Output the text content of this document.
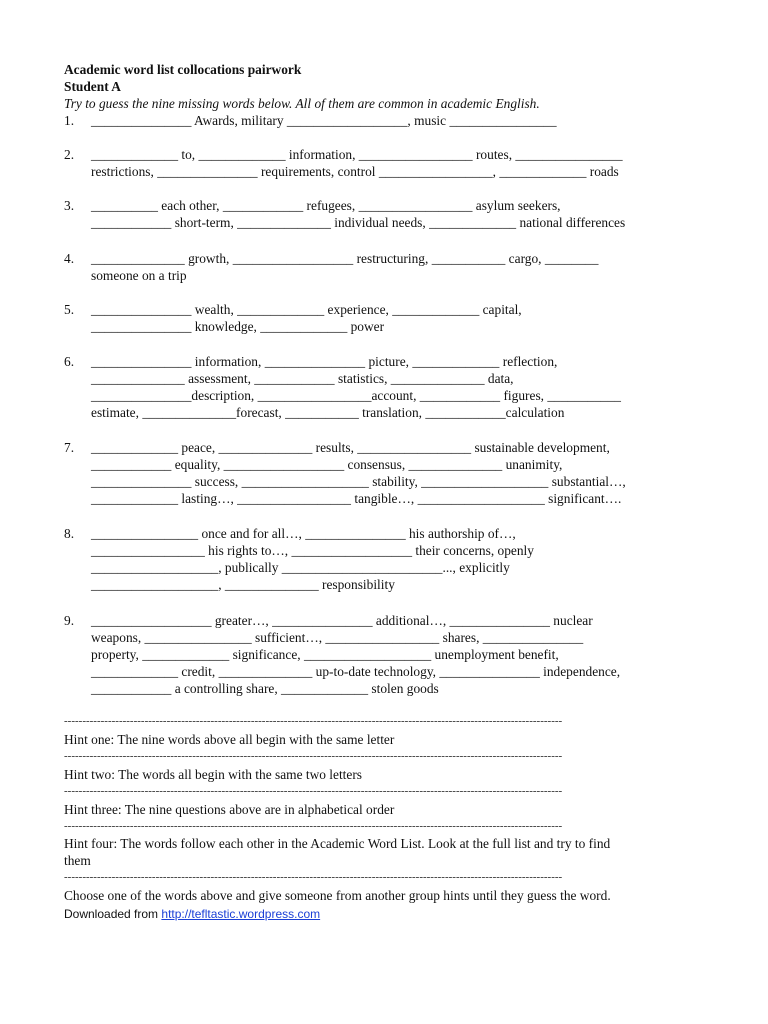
Academic word list collocations pairwork
Student A
Try to guess the nine missing words below. All of them are common in academic English.
1. _______________ Awards, military __________________, music ________________
2. _____________ to, _____________ information, _________________ routes, ________________
restrictions, _______________ requirements, control _________________, _____________ roads
3. __________ each other, ____________ refugees, _________________ asylum seekers,
____________ short-term, ______________ individual needs, _____________ national differences
4. ______________ growth, __________________ restructuring, ___________ cargo, ________
someone on a trip
5. _______________ wealth, _____________ experience, _____________ capital,
_______________ knowledge, _____________ power
6. _______________ information, _______________ picture, _____________ reflection,
______________ assessment, ____________ statistics, ______________ data,
_______________description, _________________account, ____________ figures, ___________
estimate, ______________forecast, ___________ translation, ____________calculation
7. _____________ peace, ______________ results, _________________ sustainable development,
____________ equality, __________________ consensus, ______________ unanimity,
_______________ success, ___________________ stability, ___________________ substantial…,
_____________ lasting…, _________________ tangible…, ___________________ significant….
8. ________________ once and for all…, _______________ his authorship of…,
_________________ his rights to…, __________________ their concerns, openly
___________________, publically ________________________..., explicitly
___________________, ______________ responsibility
9. __________________ greater…, _______________ additional…, _______________ nuclear
weapons, ________________ sufficient…, _________________ shares, _______________
property, _____________ significance, ___________________ unemployment benefit,
_____________ credit, ______________ up-to-date technology, _______________ independence,
____________ a controlling share, _____________ stolen goods
----------------------------------------------------------------------------------------------------------------------------------------
Hint one: The nine words above all begin with the same letter
----------------------------------------------------------------------------------------------------------------------------------------
Hint two: The words all begin with the same two letters
----------------------------------------------------------------------------------------------------------------------------------------
Hint three: The nine questions above are in alphabetical order
----------------------------------------------------------------------------------------------------------------------------------------
Hint four: The words follow each other in the Academic Word List. Look at the full list and try to find
them
----------------------------------------------------------------------------------------------------------------------------------------
Choose one of the words above and give someone from another group hints until they guess the word.
Downloaded from http://tefltastic.wordpress.com
